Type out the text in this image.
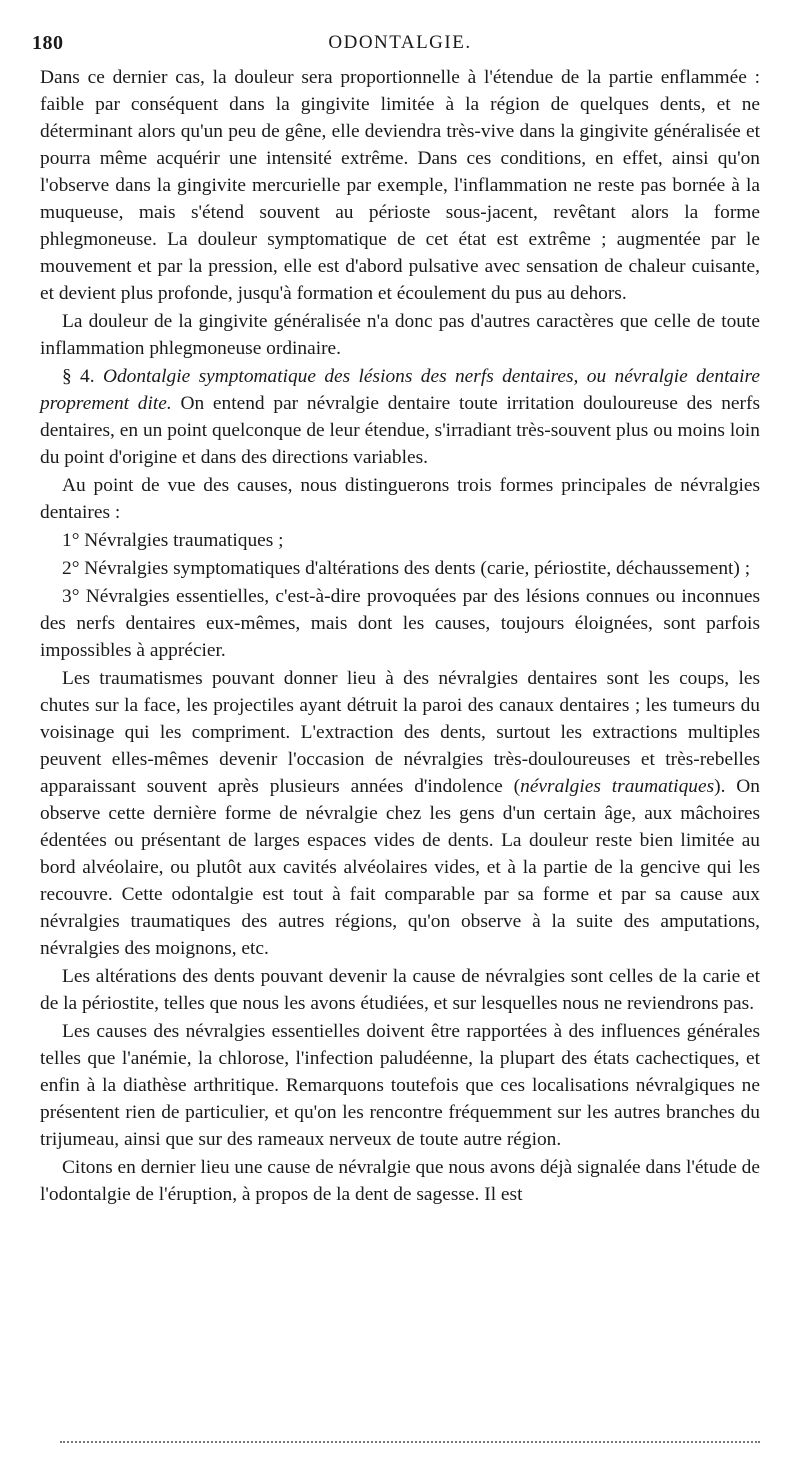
180	ODONTALGIE.

Dans ce dernier cas, la douleur sera proportionnelle à l'étendue de la partie enflammée : faible par conséquent dans la gingivite limitée à la région de quelques dents, et ne déterminant alors qu'un peu de gêne, elle deviendra très-vive dans la gingivite généralisée et pourra même acquérir une intensité extrême. Dans ces conditions, en effet, ainsi qu'on l'observe dans la gingivite mercurielle par exemple, l'inflammation ne reste pas bornée à la muqueuse, mais s'étend souvent au périoste sous-jacent, revêtant alors la forme phlegmoneuse. La douleur symptomatique de cet état est extrême ; augmentée par le mouvement et par la pression, elle est d'abord pulsative avec sensation de chaleur cuisante, et devient plus profonde, jusqu'à formation et écoulement du pus au dehors.

La douleur de la gingivite généralisée n'a donc pas d'autres caractères que celle de toute inflammation phlegmoneuse ordinaire.

§ 4. Odontalgie symptomatique des lésions des nerfs dentaires, ou névralgie dentaire proprement dite. On entend par névralgie dentaire toute irritation douloureuse des nerfs dentaires, en un point quelconque de leur étendue, s'irradiant très-souvent plus ou moins loin du point d'origine et dans des directions variables.

Au point de vue des causes, nous distinguerons trois formes principales de névralgies dentaires :

1° Névralgies traumatiques ;

2° Névralgies symptomatiques d'altérations des dents (carie, périostite, déchaussement) ;

3° Névralgies essentielles, c'est-à-dire provoquées par des lésions connues ou inconnues des nerfs dentaires eux-mêmes, mais dont les causes, toujours éloignées, sont parfois impossibles à apprécier.

Les traumatismes pouvant donner lieu à des névralgies dentaires sont les coups, les chutes sur la face, les projectiles ayant détruit la paroi des canaux dentaires ; les tumeurs du voisinage qui les compriment. L'extraction des dents, surtout les extractions multiples peuvent elles-mêmes devenir l'occasion de névralgies très-douloureuses et très-rebelles apparaissant souvent après plusieurs années d'indolence (névralgies traumatiques). On observe cette dernière forme de névralgie chez les gens d'un certain âge, aux mâchoires édentées ou présentant de larges espaces vides de dents. La douleur reste bien limitée au bord alvéolaire, ou plutôt aux cavités alvéolaires vides, et à la partie de la gencive qui les recouvre. Cette odontalgie est tout à fait comparable par sa forme et par sa cause aux névralgies traumatiques des autres régions, qu'on observe à la suite des amputations, névralgies des moignons, etc.

Les altérations des dents pouvant devenir la cause de névralgies sont celles de la carie et de la périostite, telles que nous les avons étudiées, et sur lesquelles nous ne reviendrons pas.

Les causes des névralgies essentielles doivent être rapportées à des influences générales telles que l'anémie, la chlorose, l'infection paludéenne, la plupart des états cachectiques, et enfin à la diathèse arthritique. Remarquons toutefois que ces localisations névralgiques ne présentent rien de particulier, et qu'on les rencontre fréquemment sur les autres branches du trijumeau, ainsi que sur des rameaux nerveux de toute autre région.

Citons en dernier lieu une cause de névralgie que nous avons déjà signalée dans l'étude de l'odontalgie de l'éruption, à propos de la dent de sagesse. Il est
